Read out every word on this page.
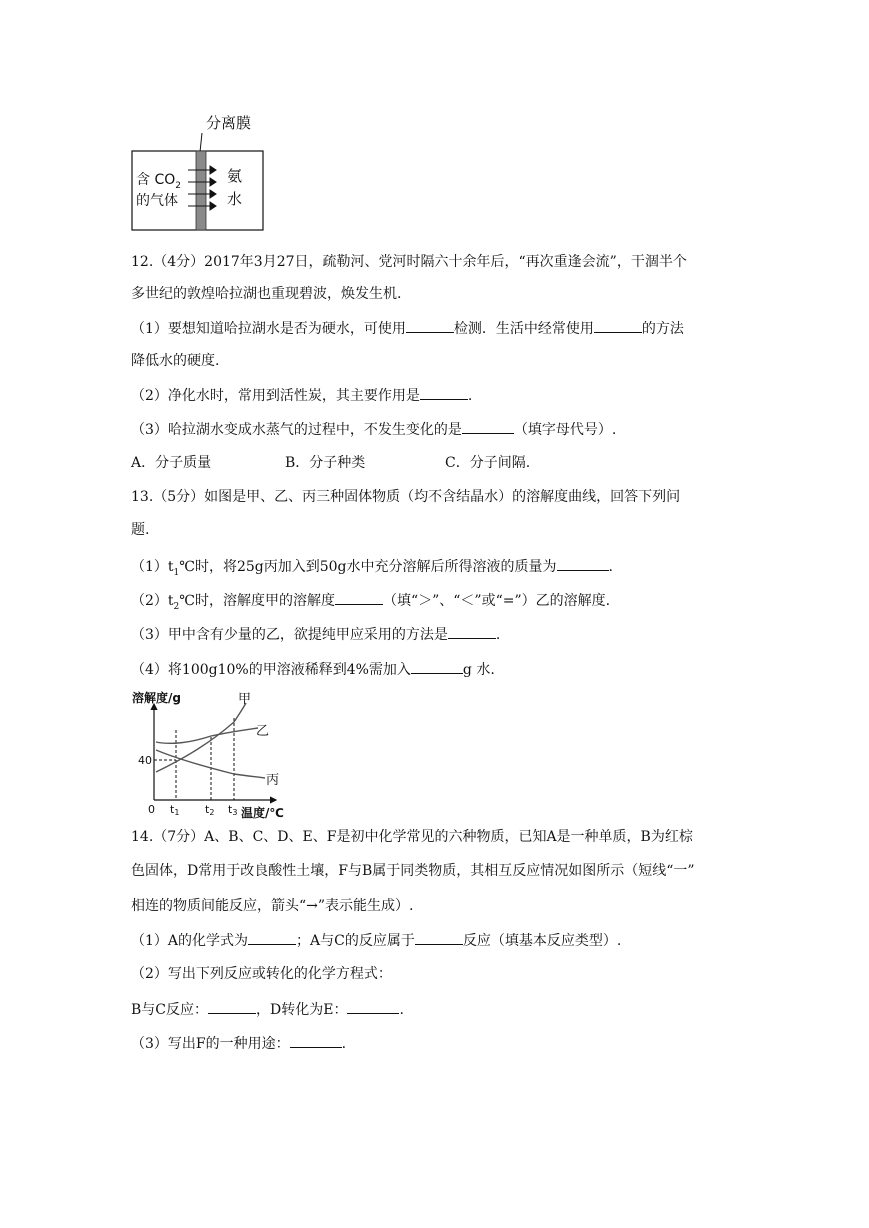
分离膜
含 $CO_2$
的气体
氨
水
12.（4分）2017年3月27日，疏勒河、党河时隔六十余年后，“再次重逢会流”，干涸半个
多世纪的敦煌哈拉湖也重现碧波，焕发生机.
（1）要想知道哈拉湖水是否为硬水，可使用	检测．生活中经常使用	的方法
降低水的硬度.
（2）净化水时，常用到活性炭，其主要作用是	.
（3）哈拉湖水变成水蒸气的过程中，不发生变化的是	（填字母代号）.
A．分子质量	B．分子种类	C．分子间隔.
13.（5分）如图是甲、乙、丙三种固体物质（均不含结晶水）的溶解度曲线，回答下列问
题.
$(1)t_1℃$时，将25g丙加入到50g水中充分溶解后所得溶液的质量为	.
$(2)t_2℃$时，溶解度甲的溶解度	（填“＞”、“＜”或“=”）乙的溶解度.
（3）甲中含有少量的乙，欲提纯甲应采用的方法是	.
（4）将100g10%的甲溶液稀释到4%需加入	g 水.
溶解度/g
温度/℃
0
40
t1 t2 t3
甲
乙
丙
14.（7分）A、B、C、D、E、F是初中化学常见的六种物质，已知A是一种单质，B为红棕
色固体，D常用于改良酸性土壤，F与B属于同类物质，其相互反应情况如图所示（短线“一”
相连的物质间能反应，箭头“→”表示能生成）.
（1）A的化学式为	；A与C的反应属于	反应（填基本反应类型）.
（2）写出下列反应或转化的化学方程式：
B与C反应：	，D转化为E：	.
（3）写出F的一种用途：	.
